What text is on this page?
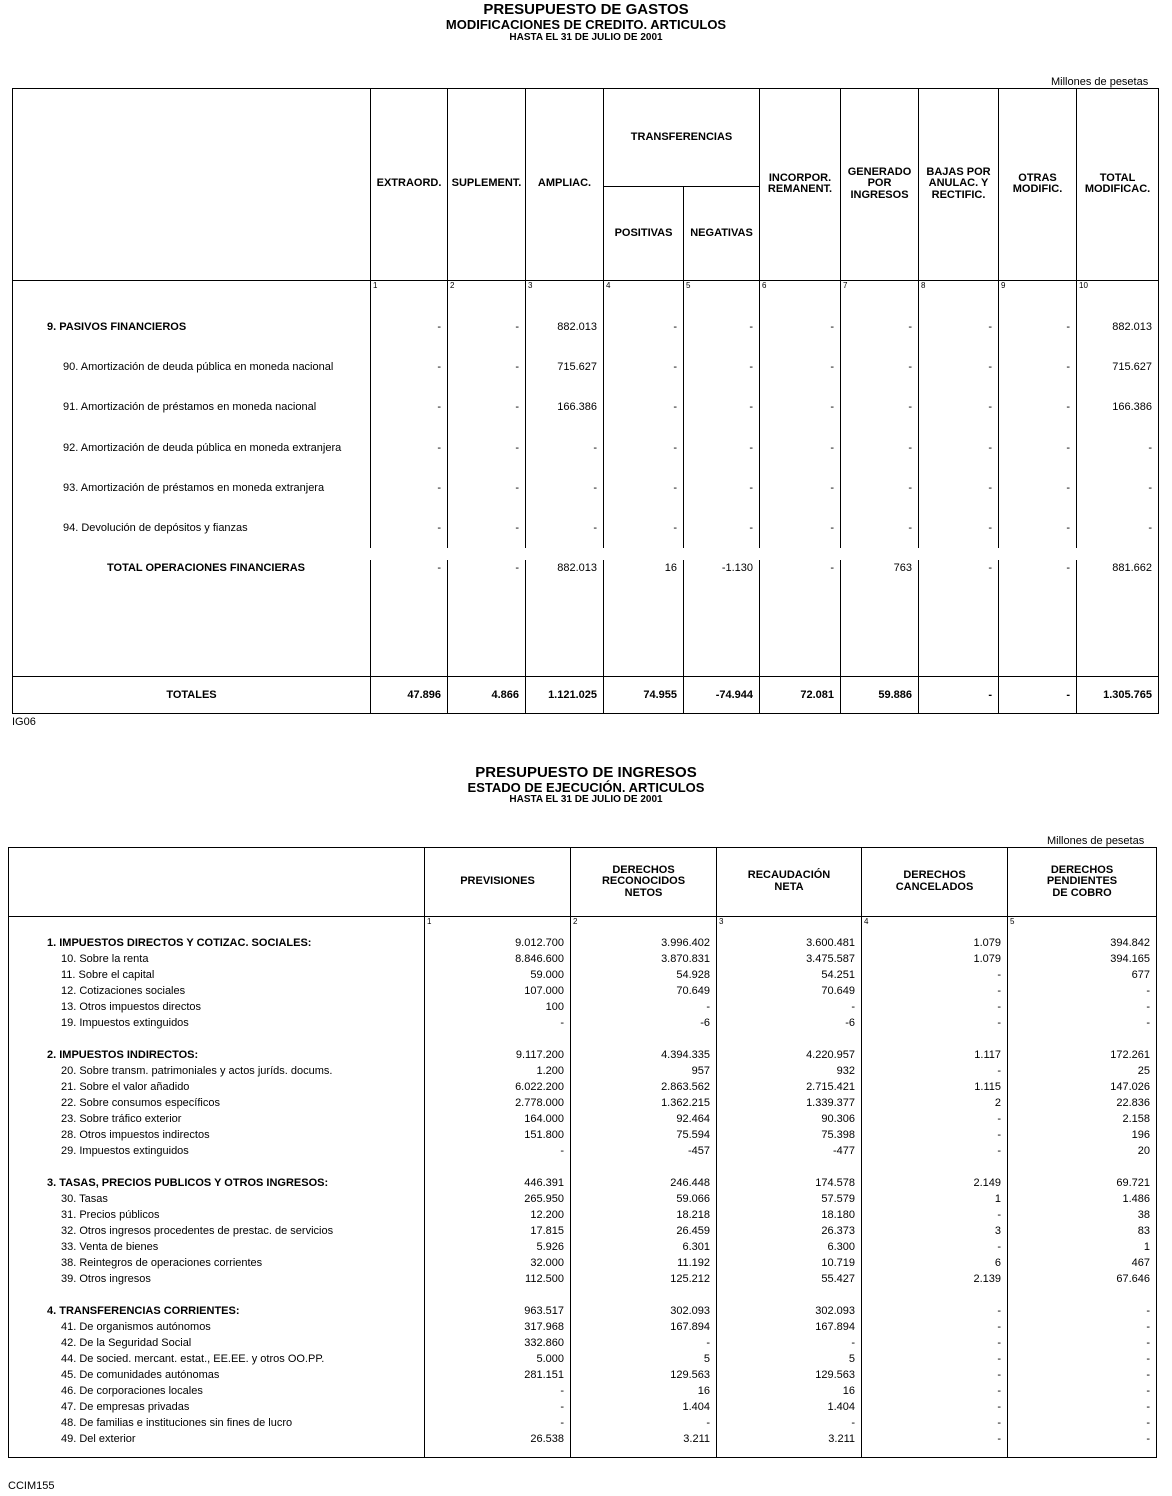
PRESUPUESTO DE GASTOS
MODIFICACIONES DE CREDITO. ARTICULOS
HASTA EL 31 DE JULIO DE 2001
Millones de pesetas
	EXTRAORD.	SUPLEMENT.	AMPLIAC.	TRANSFERENCIAS		INCORPOR. REMANENT.	GENERADO POR INGRESOS	BAJAS POR ANULAC. Y RECTIFIC.	OTRAS MODIFIC.	TOTAL MODIFICAC.
				POSITIVAS	NEGATIVAS					
	1	2	3	4	5	6	7	8	9	10
9. PASIVOS FINANCIEROS	-	-	882.013	-	-	-	-	-	-	882.013
90. Amortización de deuda pública en moneda nacional	-	-	715.627	-	-	-	-	-	-	715.627
91. Amortización de préstamos en moneda nacional	-	-	166.386	-	-	-	-	-	-	166.386
92. Amortización de deuda pública en moneda extranjera	-	-	-	-	-	-	-	-	-	-
93. Amortización de préstamos en moneda extranjera	-	-	-	-	-	-	-	-	-	-
94. Devolución de depósitos y fianzas	-	-	-	-	-	-	-	-	-	-

TOTAL OPERACIONES FINANCIERAS	-	-	882.013	16	-1.130	-	763	-	-	881.662

TOTALES	47.896	4.866	1.121.025	74.955	-74.944	72.081	59.886	-	-	1.305.765
IG06
PRESUPUESTO DE INGRESOS
ESTADO DE EJECUCIÓN. ARTICULOS
HASTA EL 31 DE JULIO DE 2001
Millones de pesetas
	PREVISIONES	DERECHOS RECONOCIDOS NETOS	RECAUDACIÓN NETA	DERECHOS CANCELADOS	DERECHOS PENDIENTES DE COBRO
	1	2	3	4	5

1. IMPUESTOS DIRECTOS Y COTIZAC. SOCIALES:	9.012.700	3.996.402	3.600.481	1.079	394.842
10. Sobre la renta	8.846.600	3.870.831	3.475.587	1.079	394.165
11. Sobre el capital	59.000	54.928	54.251	-	677
12. Cotizaciones sociales	107.000	70.649	70.649	-	-
13. Otros impuestos directos	100	-	-	-	-
19. Impuestos extinguidos	-	-6	-6	-	-

2. IMPUESTOS INDIRECTOS:	9.117.200	4.394.335	4.220.957	1.117	172.261
20. Sobre transm. patrimoniales y actos juríds. docums.	1.200	957	932	-	25
21. Sobre el valor añadido	6.022.200	2.863.562	2.715.421	1.115	147.026
22. Sobre consumos específicos	2.778.000	1.362.215	1.339.377	2	22.836
23. Sobre tráfico exterior	164.000	92.464	90.306	-	2.158
28. Otros impuestos indirectos	151.800	75.594	75.398	-	196
29. Impuestos extinguidos	-	-457	-477	-	20

3. TASAS, PRECIOS PUBLICOS Y OTROS INGRESOS:	446.391	246.448	174.578	2.149	69.721
30. Tasas	265.950	59.066	57.579	1	1.486
31. Precios públicos	12.200	18.218	18.180	-	38
32. Otros ingresos procedentes de prestac. de servicios	17.815	26.459	26.373	3	83
33. Venta de bienes	5.926	6.301	6.300	-	1
38. Reintegros de operaciones corrientes	32.000	11.192	10.719	6	467
39. Otros ingresos	112.500	125.212	55.427	2.139	67.646

4. TRANSFERENCIAS CORRIENTES:	963.517	302.093	302.093	-	-
41. De organismos autónomos	317.968	167.894	167.894	-	-
42. De la Seguridad Social	332.860	-	-	-	-
44. De socied. mercant. estat., EE.EE. y otros OO.PP.	5.000	5	5	-	-
45. De comunidades autónomas	281.151	129.563	129.563	-	-
46. De corporaciones locales	-	16	16	-	-
47. De empresas privadas	-	1.404	1.404	-	-
48. De familias e instituciones sin fines de lucro	-	-	-	-	-
49. Del exterior	26.538	3.211	3.211	-	-

CCIM155
